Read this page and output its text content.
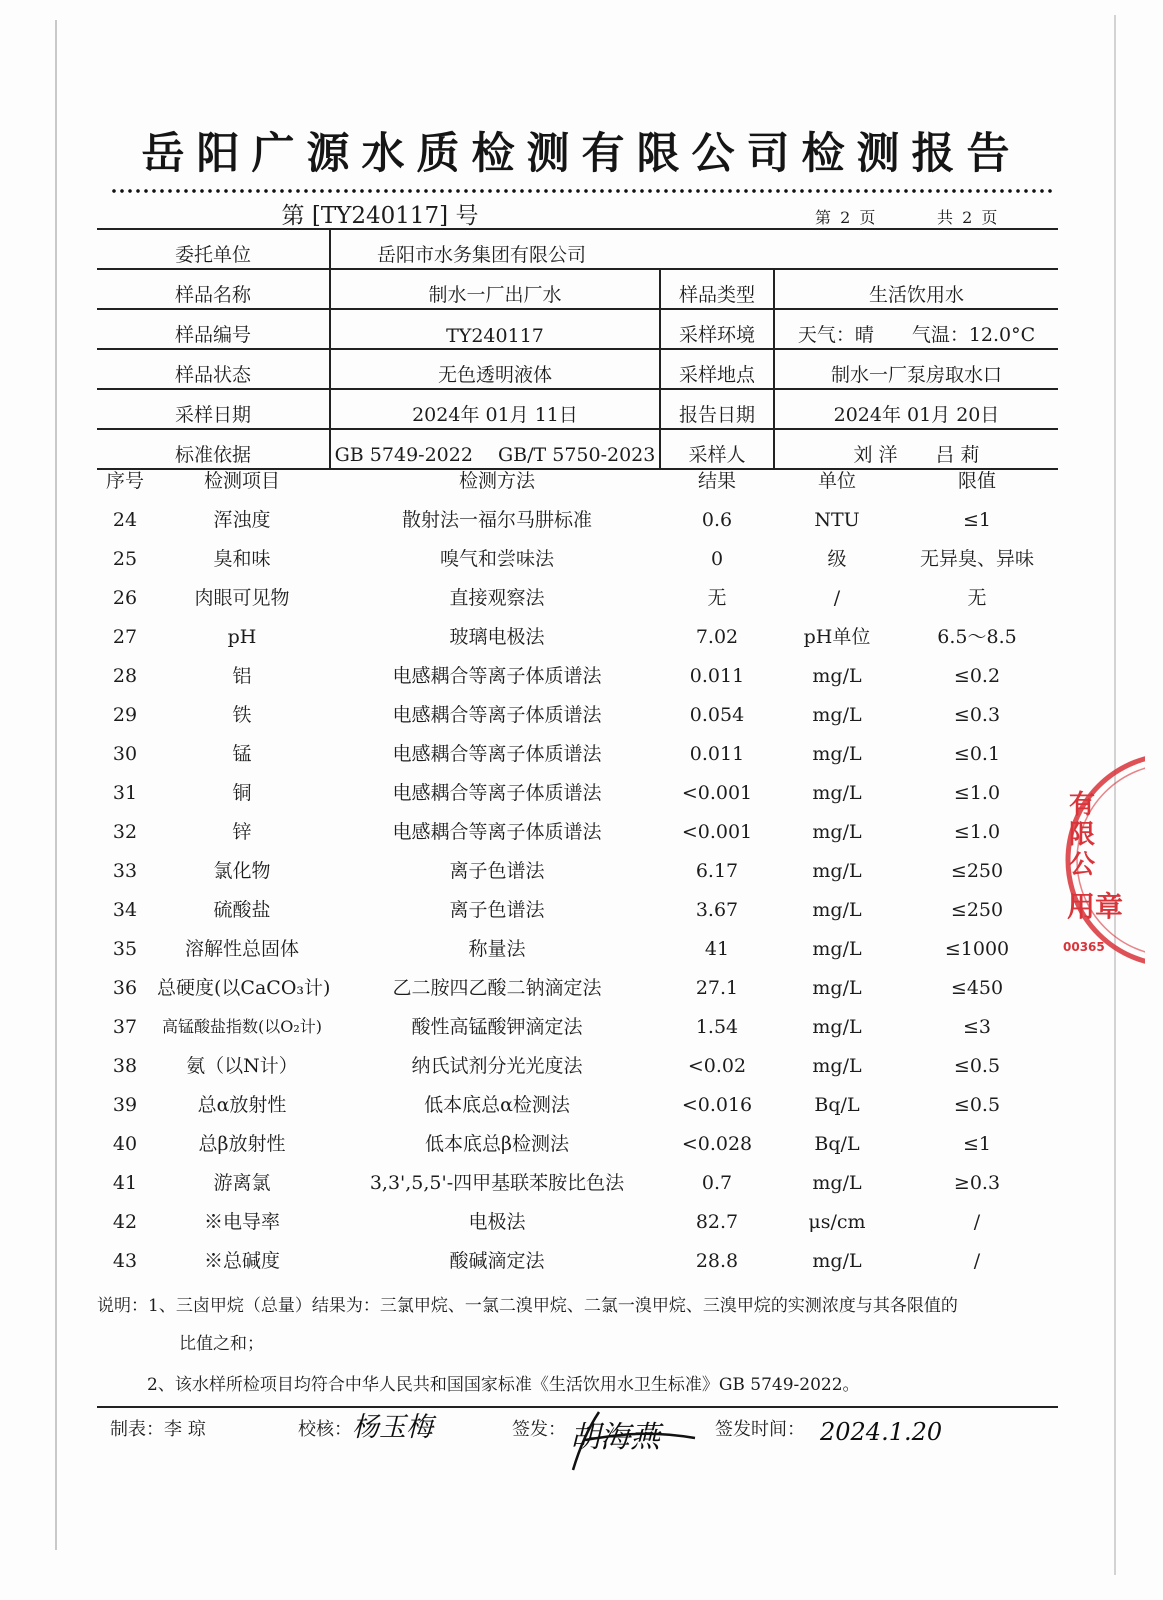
岳阳广源水质检测有限公司检测报告
第 [TY240117] 号	第 2 页	共 2 页
委托单位	岳阳市水务集团有限公司		
样品名称	制水一厂出厂水	样品类型	生活饮用水
样品编号	TY240117	采样环境	天气：晴　　气温：12.0°C
样品状态	无色透明液体	采样地点	制水一厂泵房取水口
采样日期	2024年 01月 11日	报告日期	2024年 01月 20日
标准依据	GB 5749-2022　 GB/T 5750-2023	采样人	刘 洋　　吕 莉
序号	检测项目	检测方法	结果	单位	限值
24	浑浊度	散射法一福尔马肼标准	0.6	NTU	≤1
25	臭和味	嗅气和尝味法	0	级	无异臭、异味
26	肉眼可见物	直接观察法	无	/	无
27	pH	玻璃电极法	7.02	pH单位	6.5～8.5
28	铝	电感耦合等离子体质谱法	0.011	mg/L	≤0.2
29	铁	电感耦合等离子体质谱法	0.054	mg/L	≤0.3
30	锰	电感耦合等离子体质谱法	0.011	mg/L	≤0.1
31	铜	电感耦合等离子体质谱法	<0.001	mg/L	≤1.0
32	锌	电感耦合等离子体质谱法	<0.001	mg/L	≤1.0
33	氯化物	离子色谱法	6.17	mg/L	≤250
34	硫酸盐	离子色谱法	3.67	mg/L	≤250
35	溶解性总固体	称量法	41	mg/L	≤1000
36	总硬度(以CaCO₃计)	乙二胺四乙酸二钠滴定法	27.1	mg/L	≤450
37	高锰酸盐指数(以O₂计)	酸性高锰酸钾滴定法	1.54	mg/L	≤3
38	氨（以N计）	纳氏试剂分光光度法	<0.02	mg/L	≤0.5
39	总α放射性	低本底总α检测法	<0.016	Bq/L	≤0.5
40	总β放射性	低本底总β检测法	<0.028	Bq/L	≤1
41	游离氯	3,3',5,5'-四甲基联苯胺比色法	0.7	mg/L	≥0.3
42	※电导率	电极法	82.7	μs/cm	/
43	※总碱度	酸碱滴定法	28.8	mg/L	/
说明：1、三卤甲烷（总量）结果为：三氯甲烷、一氯二溴甲烷、二氯一溴甲烷、三溴甲烷的实测浓度与其各限值的
比值之和；
2、该水样所检项目均符合中华人民共和国国家标准《生活饮用水卫生标准》GB 5749-2022。
制表：李 琼	校核： 杨玉梅	签发： 胡海燕	签发时间： 2024.1.20
有限公
用章
00365
